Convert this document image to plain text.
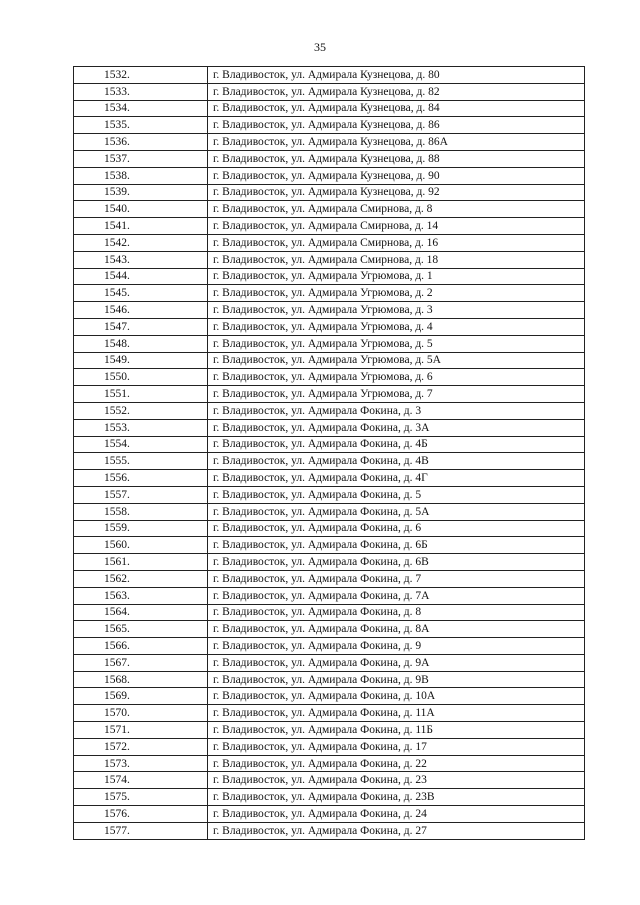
35
1532.	г. Владивосток, ул. Адмирала Кузнецова, д. 80
1533.	г. Владивосток, ул. Адмирала Кузнецова, д. 82
1534.	г. Владивосток, ул. Адмирала Кузнецова, д. 84
1535.	г. Владивосток, ул. Адмирала Кузнецова, д. 86
1536.	г. Владивосток, ул. Адмирала Кузнецова, д. 86А
1537.	г. Владивосток, ул. Адмирала Кузнецова, д. 88
1538.	г. Владивосток, ул. Адмирала Кузнецова, д. 90
1539.	г. Владивосток, ул. Адмирала Кузнецова, д. 92
1540.	г. Владивосток, ул. Адмирала Смирнова, д. 8
1541.	г. Владивосток, ул. Адмирала Смирнова, д. 14
1542.	г. Владивосток, ул. Адмирала Смирнова, д. 16
1543.	г. Владивосток, ул. Адмирала Смирнова, д. 18
1544.	г. Владивосток, ул. Адмирала Угрюмова, д. 1
1545.	г. Владивосток, ул. Адмирала Угрюмова, д. 2
1546.	г. Владивосток, ул. Адмирала Угрюмова, д. 3
1547.	г. Владивосток, ул. Адмирала Угрюмова, д. 4
1548.	г. Владивосток, ул. Адмирала Угрюмова, д. 5
1549.	г. Владивосток, ул. Адмирала Угрюмова, д. 5А
1550.	г. Владивосток, ул. Адмирала Угрюмова, д. 6
1551.	г. Владивосток, ул. Адмирала Угрюмова, д. 7
1552.	г. Владивосток, ул. Адмирала Фокина, д. 3
1553.	г. Владивосток, ул. Адмирала Фокина, д. 3А
1554.	г. Владивосток, ул. Адмирала Фокина, д. 4Б
1555.	г. Владивосток, ул. Адмирала Фокина, д. 4В
1556.	г. Владивосток, ул. Адмирала Фокина, д. 4Г
1557.	г. Владивосток, ул. Адмирала Фокина, д. 5
1558.	г. Владивосток, ул. Адмирала Фокина, д. 5А
1559.	г. Владивосток, ул. Адмирала Фокина, д. 6
1560.	г. Владивосток, ул. Адмирала Фокина, д. 6Б
1561.	г. Владивосток, ул. Адмирала Фокина, д. 6В
1562.	г. Владивосток, ул. Адмирала Фокина, д. 7
1563.	г. Владивосток, ул. Адмирала Фокина, д. 7А
1564.	г. Владивосток, ул. Адмирала Фокина, д. 8
1565.	г. Владивосток, ул. Адмирала Фокина, д. 8А
1566.	г. Владивосток, ул. Адмирала Фокина, д. 9
1567.	г. Владивосток, ул. Адмирала Фокина, д. 9А
1568.	г. Владивосток, ул. Адмирала Фокина, д. 9В
1569.	г. Владивосток, ул. Адмирала Фокина, д. 10А
1570.	г. Владивосток, ул. Адмирала Фокина, д. 11А
1571.	г. Владивосток, ул. Адмирала Фокина, д. 11Б
1572.	г. Владивосток, ул. Адмирала Фокина, д. 17
1573.	г. Владивосток, ул. Адмирала Фокина, д. 22
1574.	г. Владивосток, ул. Адмирала Фокина, д. 23
1575.	г. Владивосток, ул. Адмирала Фокина, д. 23В
1576.	г. Владивосток, ул. Адмирала Фокина, д. 24
1577.	г. Владивосток, ул. Адмирала Фокина, д. 27
